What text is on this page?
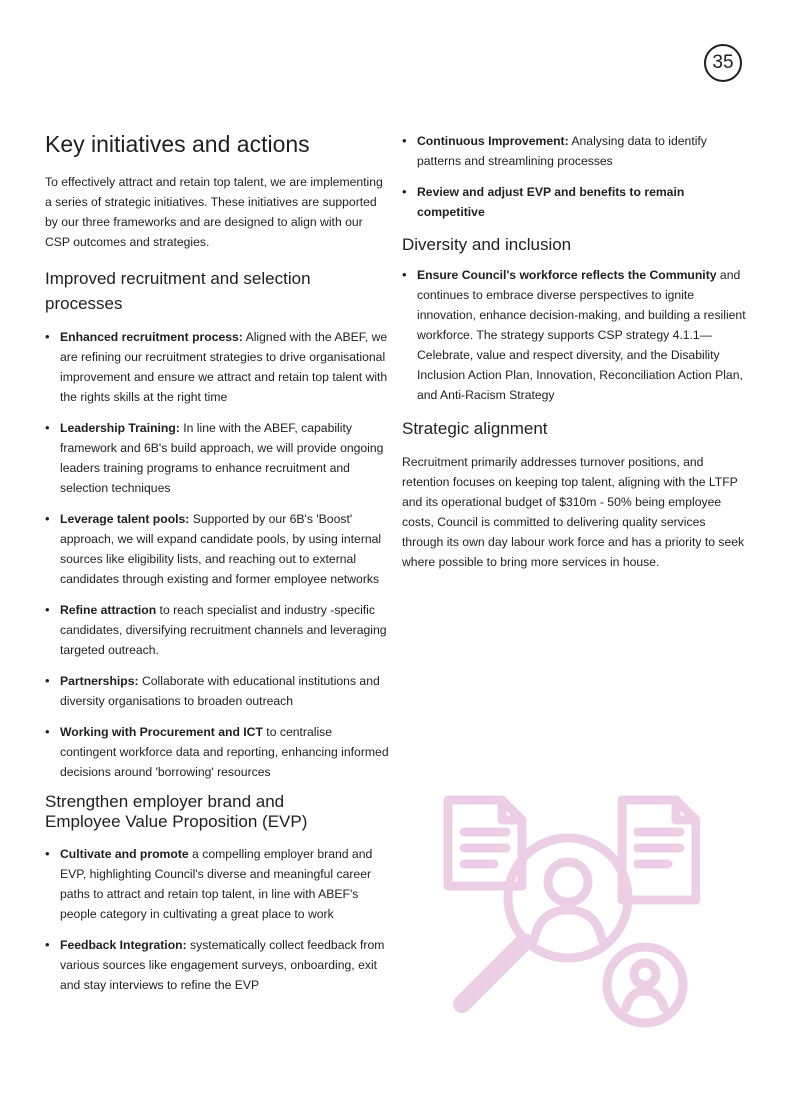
35
Key initiatives and actions

To effectively attract and retain top talent, we are implementing a series of strategic initiatives. These initiatives are supported by our three frameworks and are designed to align with our CSP outcomes and strategies.

Improved recruitment and selection processes
• Enhanced recruitment process: Aligned with the ABEF, we are refining our recruitment strategies to drive organisational improvement and ensure we attract and retain top talent with the rights skills at the right time
• Leadership Training: In line with the ABEF, capability framework and 6B's build approach, we will provide ongoing leaders training programs to enhance recruitment and selection techniques
• Leverage talent pools: Supported by our 6B's 'Boost' approach, we will expand candidate pools, by using internal sources like eligibility lists, and reaching out to external candidates through existing and former employee networks
• Refine attraction to reach specialist and industry -specific candidates, diversifying recruitment channels and leveraging targeted outreach.
• Partnerships: Collaborate with educational institutions and diversity organisations to broaden outreach
• Working with Procurement and ICT to centralise contingent workforce data and reporting, enhancing informed decisions around 'borrowing' resources
Strengthen employer brand and
Employee Value Proposition (EVP)
• Cultivate and promote a compelling employer brand and EVP, highlighting Council's diverse and meaningful career paths to attract and retain top talent, in line with ABEF's people category in cultivating a great place to work
• Feedback Integration: systematically collect feedback from various sources like engagement surveys, onboarding, exit and stay interviews to refine the EVP
• Continuous Improvement: Analysing data to identify patterns and streamlining processes
• Review and adjust EVP and benefits to remain competitive
Diversity and inclusion
• Ensure Council's workforce reflects the Community and continues to embrace diverse perspectives to ignite innovation, enhance decision-making, and building a resilient workforce. The strategy supports CSP strategy 4.1.1—Celebrate, value and respect diversity, and the Disability Inclusion Action Plan, Innovation, Reconciliation Action Plan, and Anti-Racism Strategy
Strategic alignment

Recruitment primarily addresses turnover positions, and retention focuses on keeping top talent, aligning with the LTFP and its operational budget of $310m - 50% being employee costs, Council is committed to delivering quality services through its own day labour work force and has a priority to seek where possible to bring more services in house.
